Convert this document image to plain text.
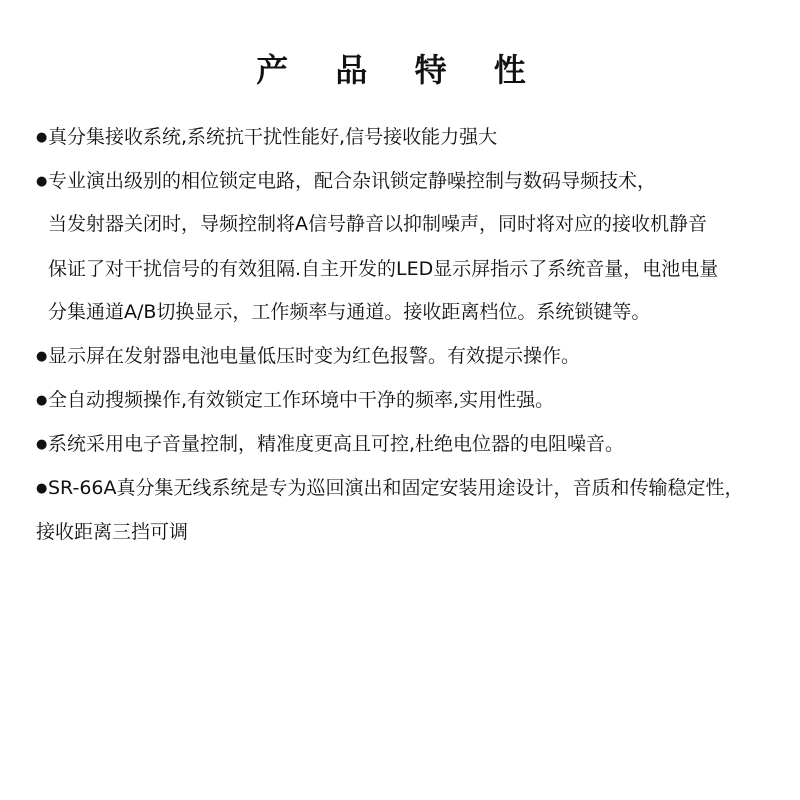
产 品 特 性
●真分集接收系统,系统抗干扰性能好,信号接收能力强大
●专业演出级别的相位锁定电路，配合杂讯锁定静噪控制与数码导频技术，
当发射器关闭时，导频控制将A信号静音以抑制噪声，同时将对应的接收机静音
保证了对干扰信号的有效狙隔.自主开发的LED显示屏指示了系统音量，电池电量
分集通道A/B切换显示，工作频率与通道。接收距离档位。系统锁键等。
●显示屏在发射器电池电量低压时变为红色报警。有效提示操作。
●全自动搜频操作,有效锁定工作环境中干净的频率,实用性强。
●系统采用电子音量控制，精准度更高且可控,杜绝电位器的电阻噪音。
●SR-66A真分集无线系统是专为巡回演出和固定安装用途设计，音质和传输稳定性，
接收距离三挡可调
